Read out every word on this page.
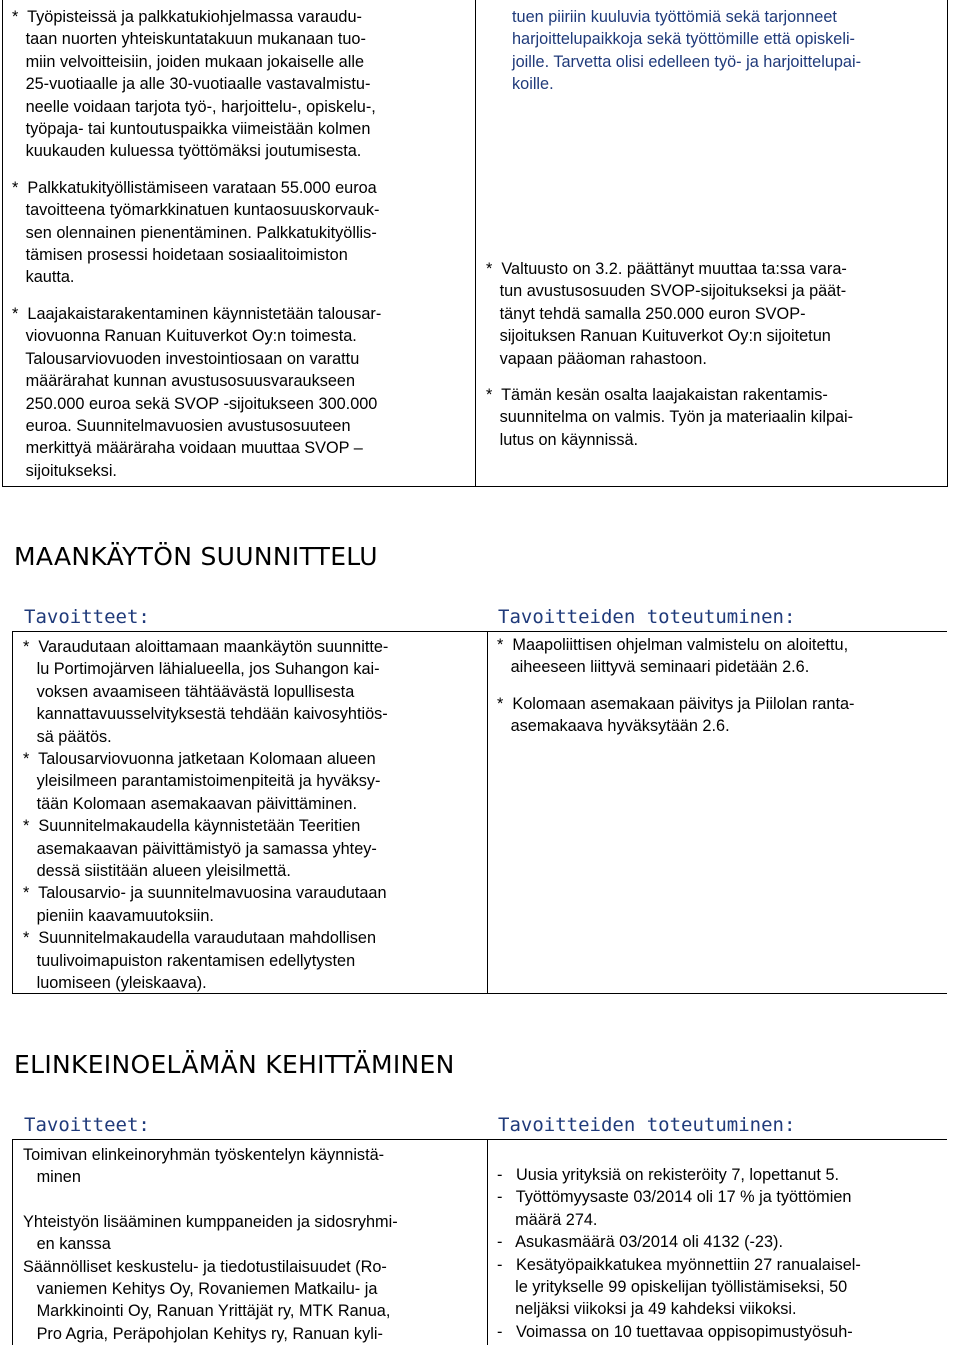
*  Työpisteissä ja palkkatukiohjelmassa varaudu-
taan nuorten yhteiskuntatakuun mukanaan tuo-
miin velvoitteisiin, joiden mukaan jokaiselle alle
25-vuotiaalle ja alle 30-vuotiaalle vastavalmistu-
neelle voidaan tarjota työ-, harjoittelu-, opiskelu-,
työpaja- tai kuntoutuspaikka viimeistään kolmen
kuukauden kuluessa työttömäksi joutumisesta.
*  Palkkatukityöllistämiseen varataan 55.000 euroa
tavoitteena työmarkkinatuen kuntaosuuskorvauk-
sen olennainen pienentäminen. Palkkatukityöllis-
tämisen prosessi hoidetaan sosiaalitoimiston
kautta.
*  Laajakaistarakentaminen käynnistetään talousar-
viovuonna Ranuan Kuituverkot Oy:n toimesta.
Talousarviovuoden investointiosaan on varattu
määrärahat kunnan avustusosuusvaraukseen
250.000 euroa sekä SVOP -sijoitukseen 300.000
euroa. Suunnitelmavuosien avustusosuuteen
merkittyä määräraha voidaan muuttaa SVOP –
sijoitukseksi.
tuen piiriin kuuluvia työttömiä sekä tarjonneet
harjoittelupaikkoja sekä työttömille että opiskeli-
joille. Tarvetta olisi edelleen työ- ja harjoittelupai-
koille.
*  Valtuusto on 3.2. päättänyt muuttaa ta:ssa vara-
tun avustusosuuden SVOP-sijoitukseksi ja päät-
tänyt tehdä samalla 250.000 euron SVOP-
sijoituksen Ranuan Kuituverkot Oy:n sijoitetun
vapaan pääoman rahastoon.
*  Tämän kesän osalta laajakaistan rakentamis-
suunnitelma on valmis. Työn ja materiaalin kilpai-
lutus on käynnissä.
MAANKÄYTÖN SUUNNITTELU
Tavoitteet:	Tavoitteiden toteutuminen:
*  Varaudutaan aloittamaan maankäytön suunnitte-
lu Portimojärven lähialueella, jos Suhangon kai-
voksen avaamiseen tähtäävästä lopullisesta
kannattavuusselvityksestä tehdään kaivosyhtiös-
sä päätös.
*  Talousarviovuonna jatketaan Kolomaan alueen
yleisilmeen parantamistoimenpiteitä ja hyväksy-
tään Kolomaan asemakaavan päivittäminen.
*  Suunnitelmakaudella käynnistetään Teeritien
asemakaavan päivittämistyö ja samassa yhtey-
dessä siistitään alueen yleisilmettä.
*  Talousarvio- ja suunnitelmavuosina varaudutaan
pieniin kaavamuutoksiin.
*  Suunnitelmakaudella varaudutaan mahdollisen
tuulivoimapuiston rakentamisen edellytysten
luomiseen (yleiskaava).
*  Maapoliittisen ohjelman valmistelu on aloitettu,
aiheeseen liittyvä seminaari pidetään 2.6.
*  Kolomaan asemakaan päivitys ja Piilolan ranta-
asemakaava hyväksytään 2.6.
ELINKEINOELÄMÄN KEHITTÄMINEN
Tavoitteet:	Tavoitteiden toteutuminen:
Toimivan elinkeinoryhmän työskentelyn käynnistä-
minen
Yhteistyön lisääminen kumppaneiden ja sidosryhmi-
en kanssa
Säännölliset keskustelu- ja tiedotustilaisuudet (Ro-
vaniemen Kehitys Oy, Rovaniemen Matkailu- ja
Markkinointi Oy, Ranuan Yrittäjät ry, MTK Ranua,
Pro Agria, Peräpohjolan Kehitys ry, Ranuan kyli-
-   Uusia yrityksiä on rekisteröity 7, lopettanut 5.
-   Työttömyysaste 03/2014 oli 17 % ja työttömien
määrä 274.
-   Asukasmäärä 03/2014 oli 4132 (-23).
-   Kesätyöpaikkatukea myönnettiin 27 ranualaisel-
le yritykselle 99 opiskelijan työllistämiseksi, 50
neljäksi viikoksi ja 49 kahdeksi viikoksi.
-   Voimassa on 10 tuettavaa oppisopimustyösuh-
